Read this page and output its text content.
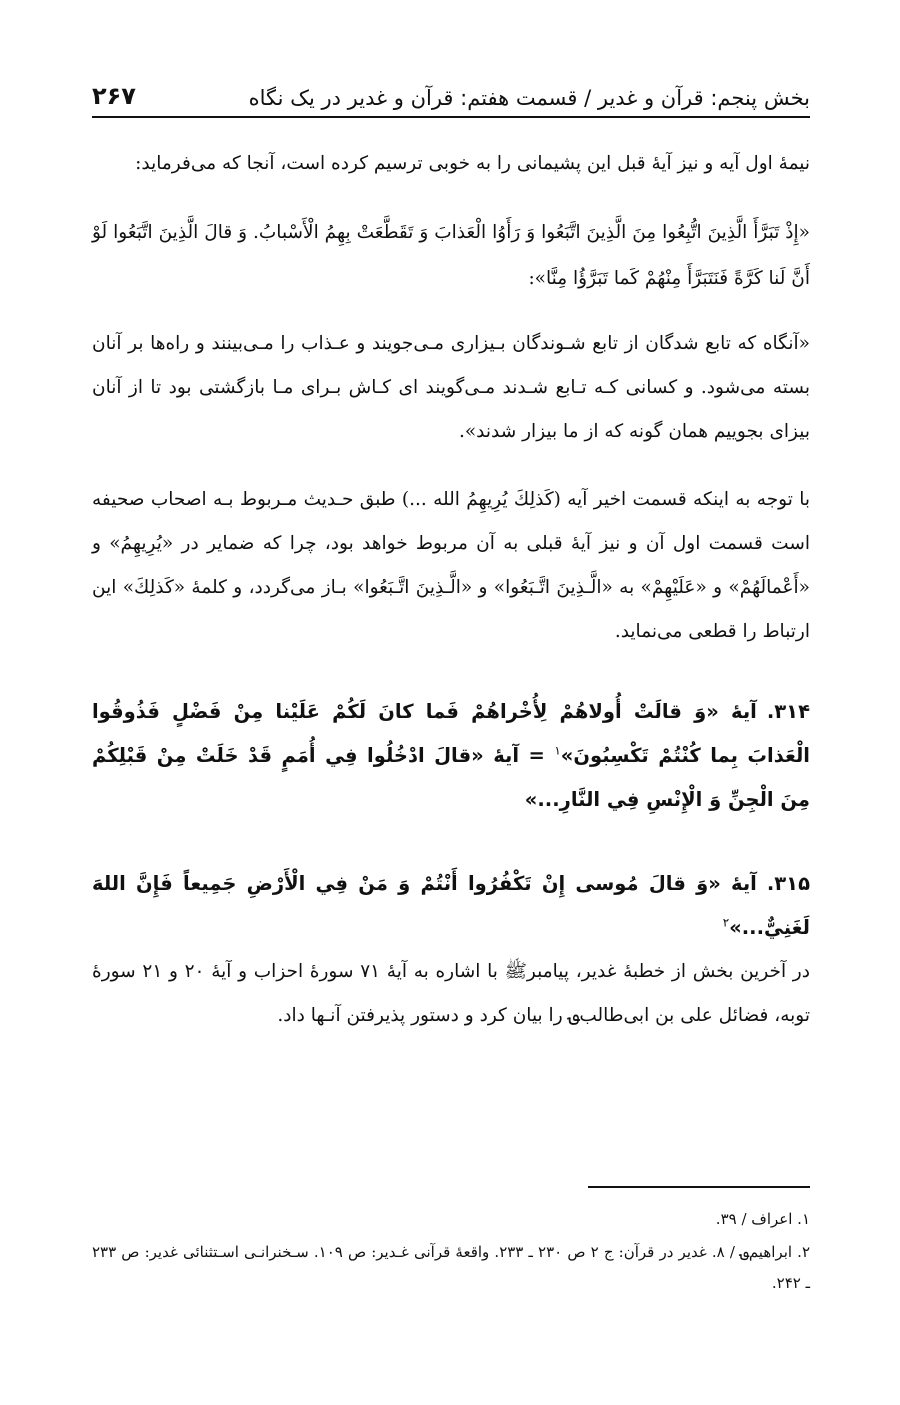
بخش پنجم: قرآن و غدیر / قسمت هفتم: قرآن و غدیر در یک نگاه
۲۶۷

نیمهٔ اول آیه و نیز آیهٔ قبل این پشیمانی را به خوبی ترسیم کرده است، آنجا که می‌فرماید:

«إِذْ تَبَرَّأَ الَّذِينَ اتُّبِعُوا مِنَ الَّذِينَ اتَّبَعُوا وَ رَأَوُا الْعَذابَ وَ تَقَطَّعَتْ بِهِمُ الْأَسْبابُ. وَ قالَ الَّذِينَ اتَّبَعُوا لَوْ أَنَّ لَنا كَرَّةً فَنَتَبَرَّأَ مِنْهُمْ كَما تَبَرَّؤُا مِنَّا»:

«آنگاه که تابع شدگان از تابع شـوندگان بـیزاری مـی‌جویند و عـذاب را مـی‌بینند و راه‌ها بر آنان بسته می‌شود. و کسانی کـه تـابع شـدند مـی‌گویند ای کـاش بـرای مـا بازگشتی بود تا از آنان بیزای بجوییم همان گونه که از ما بیزار شدند».

با توجه به اینکه قسمت اخیر آیه (كَذلِكَ يُرِيهِمُ الله ...) طبق حـدیث مـربوط بـه اصحاب صحیفه است قسمت اول آن و نیز آیهٔ قبلی به آن مربوط خواهد بود، چرا که ضمایر در «يُرِيهِمُ» و «أَعْمالَهُمْ» و «عَلَيْهِمْ» به «الَّـذِينَ اتَّـبَعُوا» و «الَّـذِينَ اتَّـبَعُوا» بـاز می‌گردد، و کلمهٔ «كَذلِكَ» این ارتباط را قطعی می‌نماید.

۳۱۴.آیهٔ «وَ قالَتْ أُولاهُمْ لِأُخْراهُمْ فَما كانَ لَكُمْ عَلَيْنا مِنْ فَضْلٍ فَذُوقُوا الْعَذابَ بِما كُنْتُمْ تَكْسِبُونَ»$^۱$ = آیهٔ «قالَ ادْخُلُوا فِي أُمَمٍ قَدْ خَلَتْ مِنْ قَبْلِكُمْ مِنَ الْجِنِّ وَ الْإِنْسِ فِي النَّارِ...»

۳۱۵.آیهٔ «وَ قالَ مُوسى إِنْ تَكْفُرُوا أَنْتُمْ وَ مَنْ فِي الْأَرْضِ جَمِيعاً فَإِنَّ اللهَ لَغَنِيٌّ...»$^۲$

در آخرین بخش از خطبهٔ غدیر، پیامبرﷺ با اشاره به آیهٔ ۷۱ سورهٔ احزاب و آیهٔ ۲۰ و ۲۱ سورهٔ توبه، فضائل علی بن ابی‌طالب؈ را بیان کرد و دستور پذیرفتن آنـها داد.

۱. اعراف / ۳۹.

۲. ابراهیم؈ / ۸. غدیر در قرآن: ج ۲ ص ۲۳۰ ـ ۲۳۳. واقعهٔ قرآنی غـدیر: ص ۱۰۹. سـخنرانـی اسـتثنائی غدیر: ص ۲۳۳ ـ ۲۴۲.
